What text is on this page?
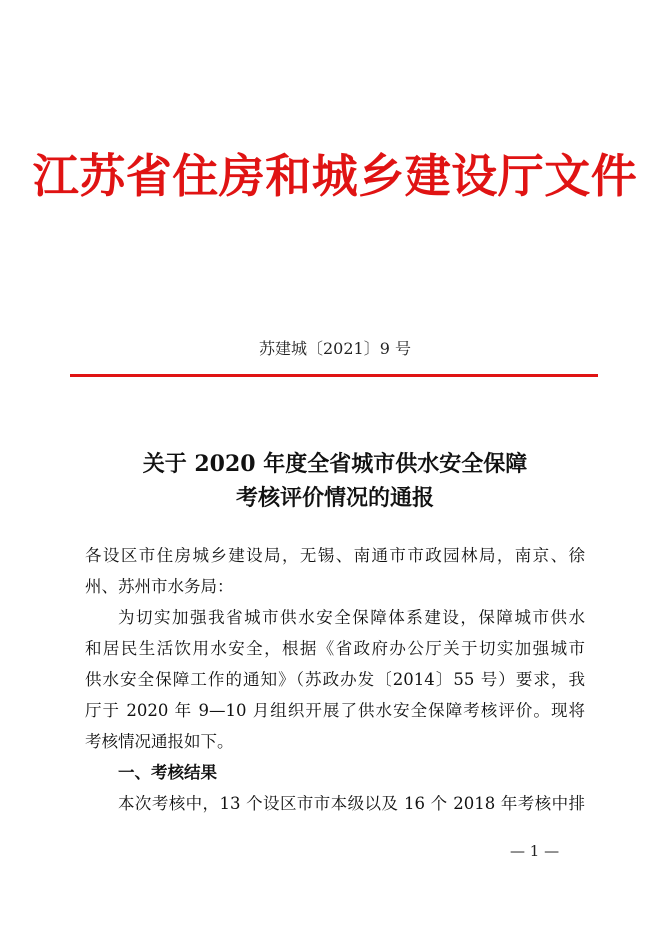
江苏省住房和城乡建设厅文件
苏建城〔2021〕9 号
关于 2020 年度全省城市供水安全保障
考核评价情况的通报
各设区市住房城乡建设局，无锡、南通市市政园林局，南京、徐
州、苏州市水务局：
为切实加强我省城市供水安全保障体系建设，保障城市供水
和居民生活饮用水安全，根据《省政府办公厅关于切实加强城市
供水安全保障工作的通知》（苏政办发〔2014〕55 号）要求，我
厅于 2020 年 9—10 月组织开展了供水安全保障考核评价。现将
考核情况通报如下。
一、考核结果
本次考核中，13 个设区市市本级以及 16 个 2018 年考核中排
— 1 —
